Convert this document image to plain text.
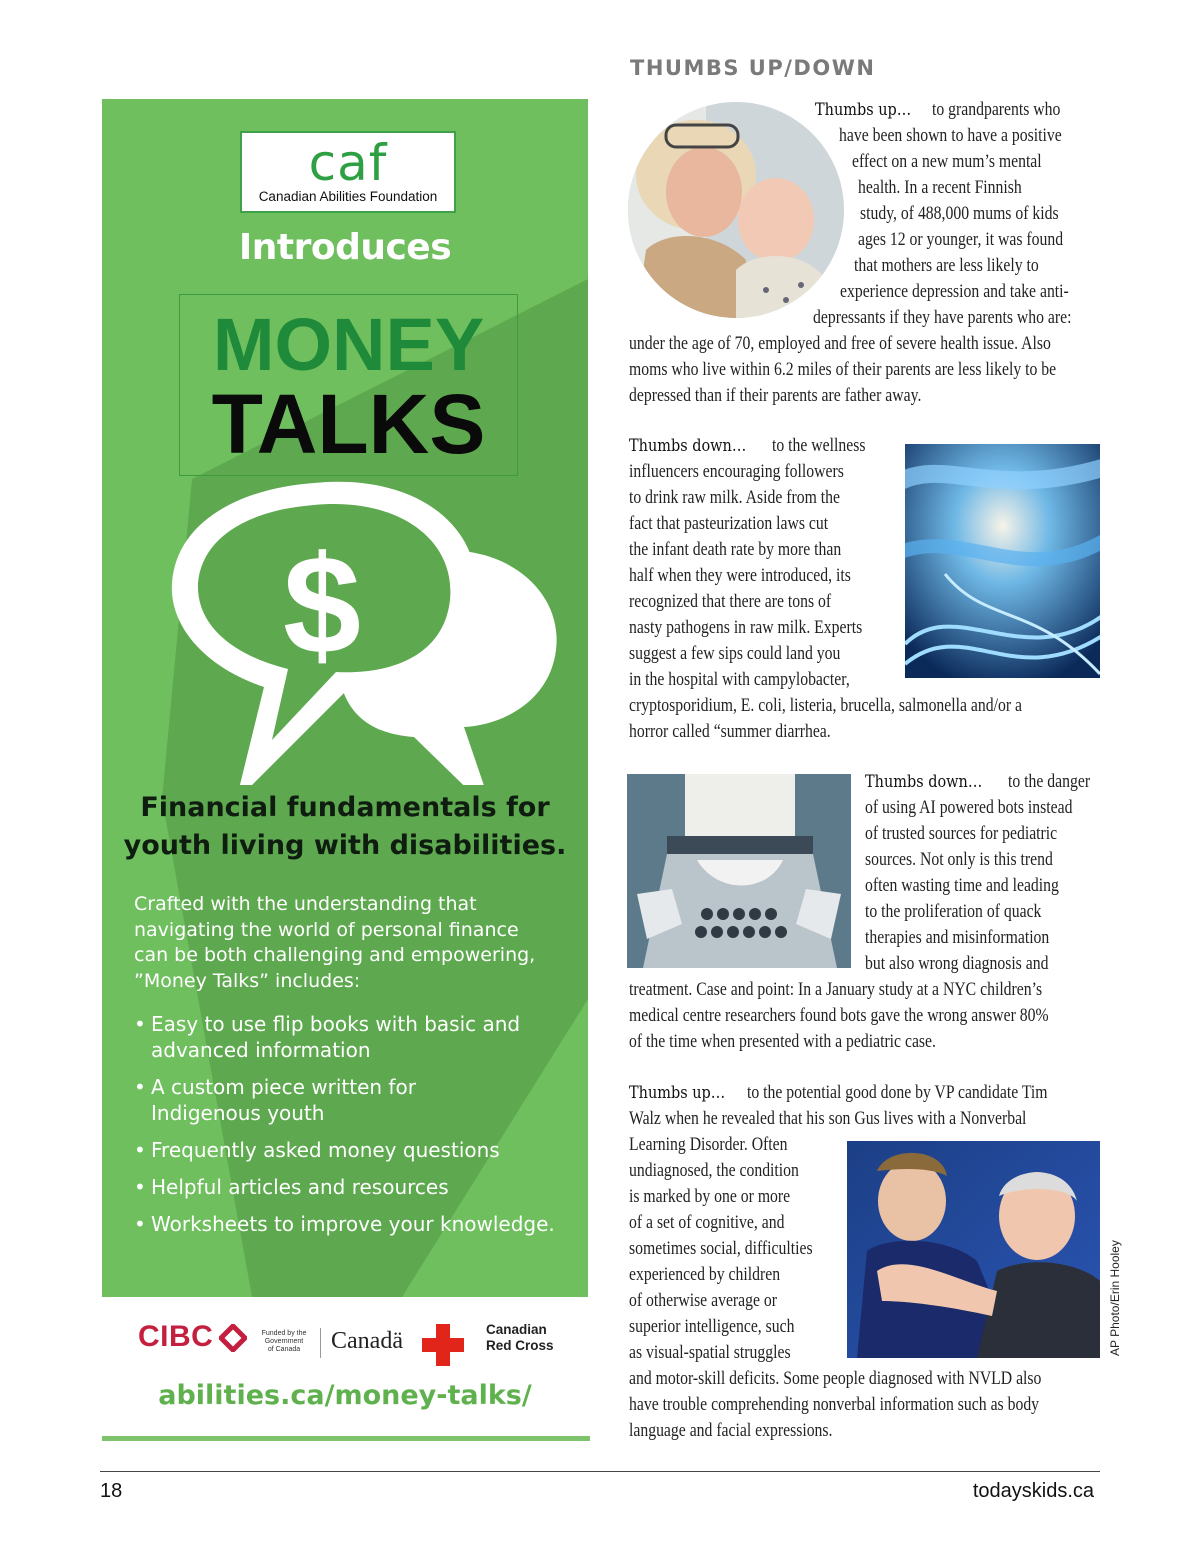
caf
Canadian Abilities Foundation
Introduces
MONEY
TALKS
$
Financial fundamentals for
youth living with disabilities.
Crafted with the understanding that
navigating the world of personal finance
can be both challenging and empowering,
”Money Talks” includes:
• Easy to use flip books with basic and
advanced information
• A custom piece written for
Indigenous youth
• Frequently asked money questions
• Helpful articles and resources
• Worksheets to improve your knowledge.
CIBC	Funded by the
Government
of Canada	Canadä	Canadian
Red Cross
abilities.ca/money-talks/
THUMBS UP/DOWN
Thumbs up… to grandparents who
have been shown to have a positive
effect on a new mum’s mental
health. In a recent Finnish
study, of 488,000 mums of kids
ages 12 or younger, it was found
that mothers are less likely to
experience depression and take anti-
depressants if they have parents who are:
under the age of 70, employed and free of severe health issue. Also
moms who live within 6.2 miles of their parents are less likely to be
depressed than if their parents are father away.
Thumbs down… to the wellness
influencers encouraging followers
to drink raw milk. Aside from the
fact that pasteurization laws cut
the infant death rate by more than
half when they were introduced, its
recognized that there are tons of
nasty pathogens in raw milk. Experts
suggest a few sips could land you
in the hospital with campylobacter,
cryptosporidium, E. coli, listeria, brucella, salmonella and/or a
horror called “summer diarrhea.
Thumbs down… to the danger
of using AI powered bots instead
of trusted sources for pediatric
sources. Not only is this trend
often wasting time and leading
to the proliferation of quack
therapies and misinformation
but also wrong diagnosis and
treatment. Case and point: In a January study at a NYC children’s
medical centre researchers found bots gave the wrong answer 80%
of the time when presented with a pediatric case.
Thumbs up… to the potential good done by VP candidate Tim
Walz when he revealed that his son Gus lives with a Nonverbal
Learning Disorder. Often
undiagnosed, the condition
is marked by one or more
of a set of cognitive, and
sometimes social, difficulties
experienced by children
of otherwise average or
superior intelligence, such
as visual-spatial struggles
and motor-skill deficits. Some people diagnosed with NVLD also
have trouble comprehending nonverbal information such as body
language and facial expressions.
AP Photo/Erin Hooley
18	todayskids.ca
